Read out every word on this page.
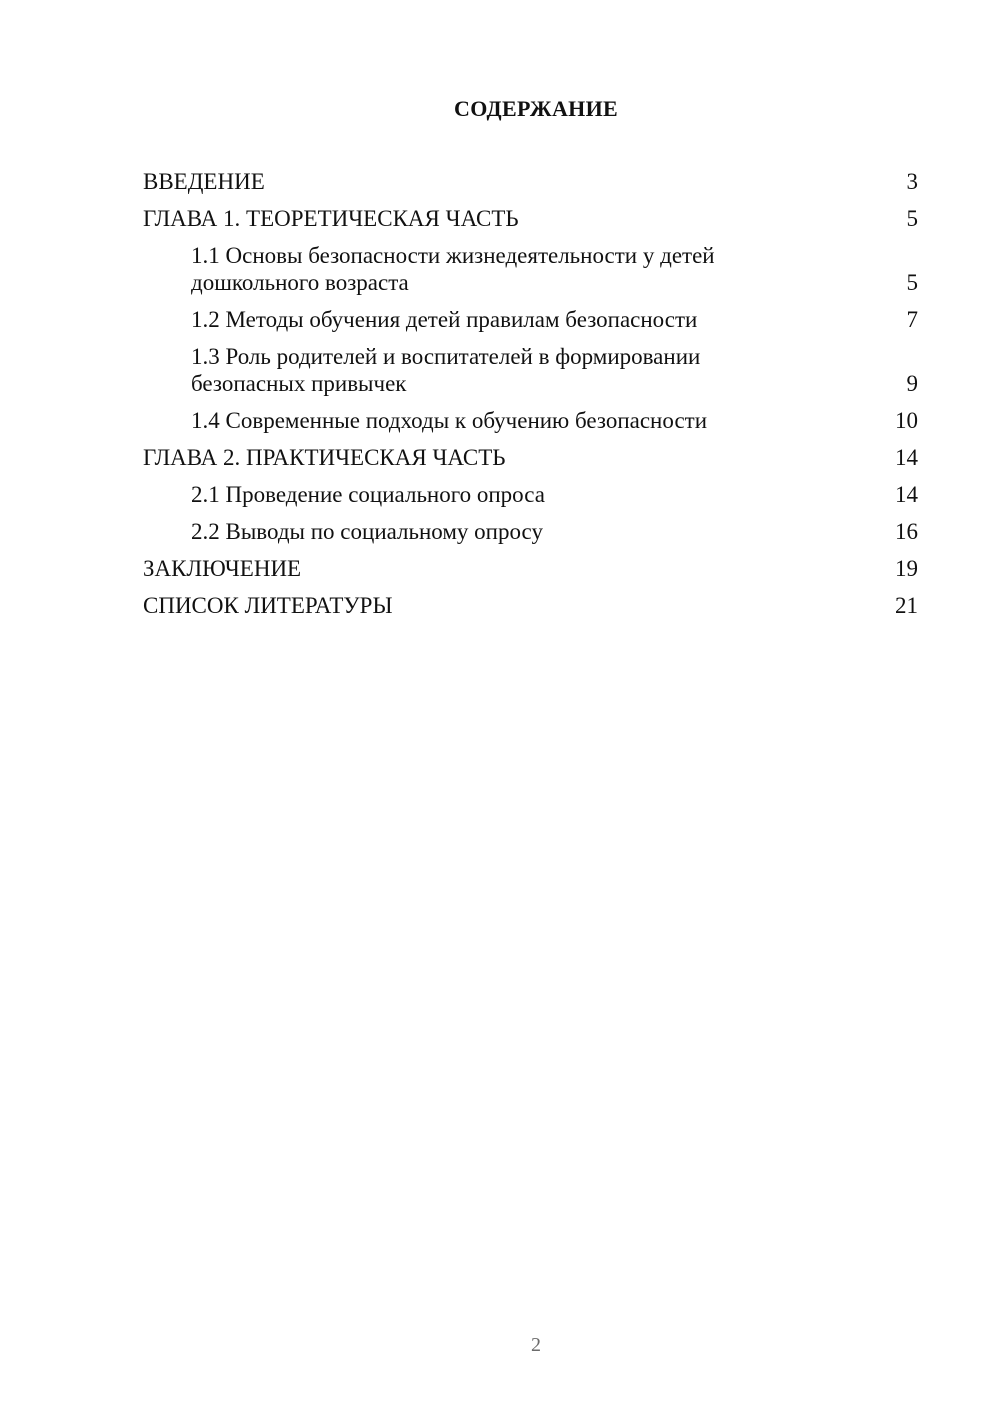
СОДЕРЖАНИЕ
ВВЕДЕНИЕ	3
ГЛАВА 1. ТЕОРЕТИЧЕСКАЯ ЧАСТЬ	5
1.1 Основы безопасности жизнедеятельности у детей дошкольного возраста	5
1.2 Методы обучения детей правилам безопасности	7
1.3 Роль родителей и воспитателей в формировании безопасных привычек	9
1.4 Современные подходы к обучению безопасности	10
ГЛАВА 2. ПРАКТИЧЕСКАЯ ЧАСТЬ	14
2.1 Проведение социального опроса	14
2.2 Выводы по социальному опросу	16
ЗАКЛЮЧЕНИЕ	19
СПИСОК ЛИТЕРАТУРЫ	21
2
